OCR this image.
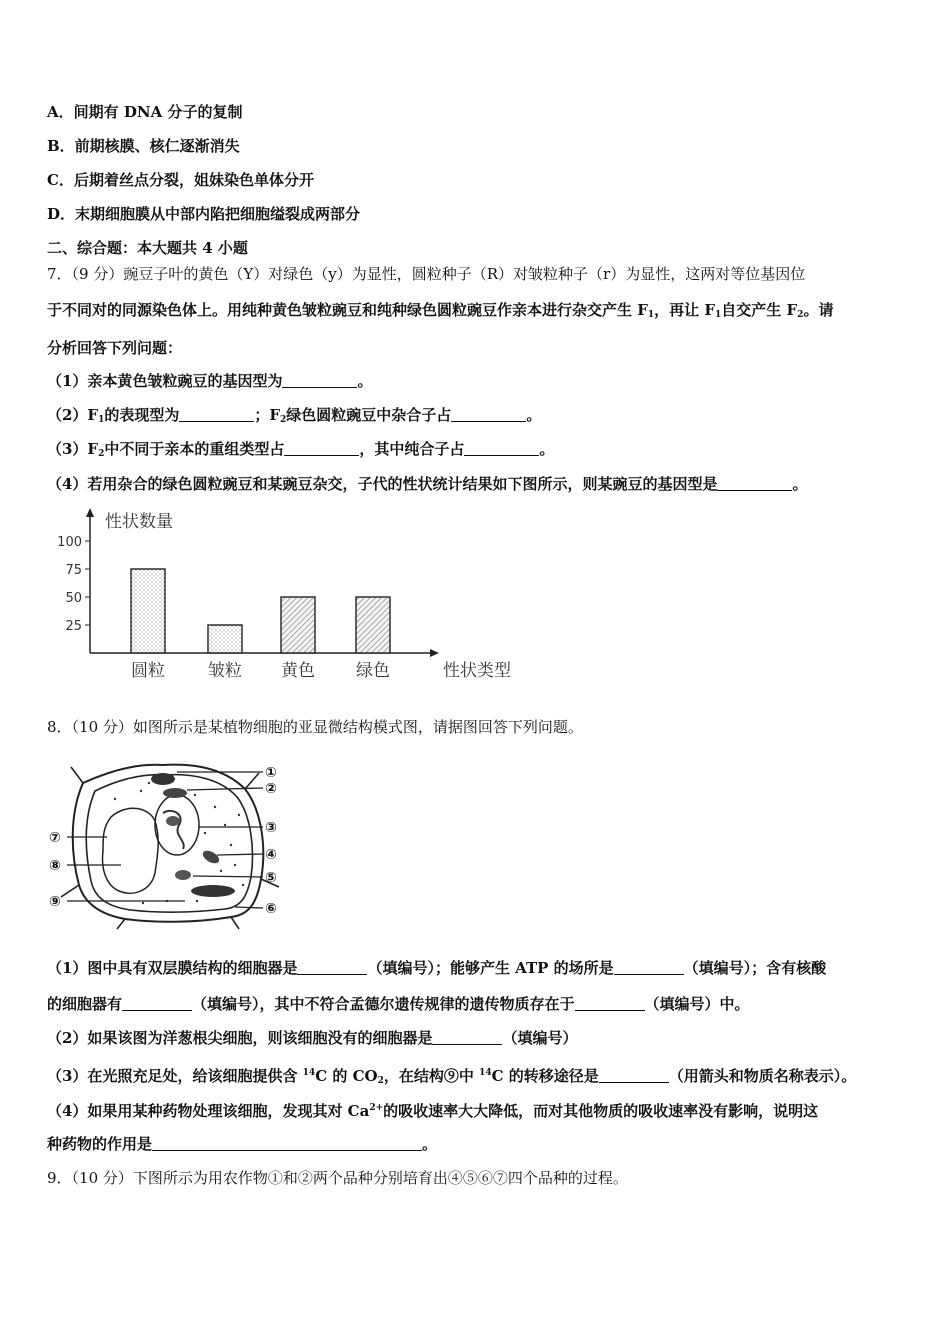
A．间期有 DNA 分子的复制
B．前期核膜、核仁逐渐消失
C．后期着丝点分裂，姐妹染色单体分开
D．末期细胞膜从中部内陷把细胞缢裂成两部分
二、综合题：本大题共 4 小题
7．（9 分）豌豆子叶的黄色（Y）对绿色（y）为显性，圆粒种子（R）对皱粒种子（r）为显性，这两对等位基因位
于不同对的同源染色体上。用纯种黄色皱粒豌豆和纯种绿色圆粒豌豆作亲本进行杂交产生 $F_1$，再让 $F_1$自交产生 $F_2$。请
分析回答下列问题：
（1）亲本黄色皱粒豌豆的基因型为	。
$(2)F_1$的表现型为	；$F_2$绿色圆粒豌豆中杂合子占	。
$(3)F_2$中不同于亲本的重组类型占	，其中纯合子占	。
（4）若用杂合的绿色圆粒豌豆和某豌豆杂交，子代的性状统计结果如下图所示，则某豌豆的基因型是	。
性状数量
性状类型
100
75
50
25
圆粒	皱粒 黄色 绿色
8．（10 分）如图所示是某植物细胞的亚显微结构模式图，请据图回答下列问题。
①
②
③
④
⑤
⑥
⑦
⑧
⑨
（1）图中具有双层膜结构的细胞器是	（填编号）；能够产生 ATP 的场所是	（填编号）；含有核酸
的细胞器有	（填编号），其中不符合孟德尔遗传规律的遗传物质存在于	（填编号）中。
（2）如果该图为洋葱根尖细胞，则该细胞没有的细胞器是	（填编号）
（3）在光照充足处，给该细胞提供含 $^{14}$C 的 $CO_2$，在结构⑨中 $^{14}$C 的转移途径是	（用箭头和物质名称表示）。
（4）如果用某种药物处理该细胞，发现其对 $Ca^{2+}$的吸收速率大大降低，而对其他物质的吸收速率没有影响，说明这
种药物的作用是	。
9．（10 分）下图所示为用农作物①和②两个品种分别培育出④⑤⑥⑦四个品种的过程。
